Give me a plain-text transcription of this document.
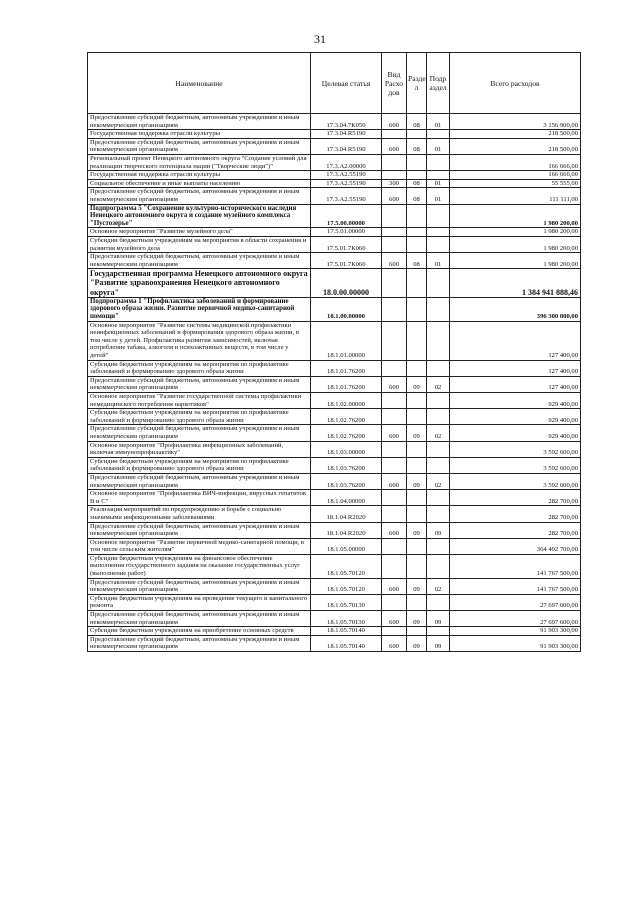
31
Наименование	Целевая статья	Вид Расхо дов	Разде л	Подр аздел	Всего расходов
Предоставление субсидий бюджетным, автономным учреждениям и иным некоммерческим организациям	17.3.04.7К050	600	08	01	3 156 900,00
Государственная поддержка отрасли культуры	17.3.04.R5190				218 500,00
Предоставление субсидий бюджетным, автономным учреждениям и иным некоммерческим организациям	17.3.04.R5190	600	08	01	218 500,00
Региональный проект Ненецкого автономного округа "Создание условий для реализации творческого потенциала нации ("Творческие люди")"	17.3.А2.00000				166 666,00
Государственная поддержка отрасли культуры	17.3.А2.55190				166 666,00
Социальное обеспечение и иные выплаты населению	17.3.А2.55190	300	08	01	55 555,00
Предоставление субсидий бюджетным, автономным учреждениям и иным некоммерческим организациям	17.3.А2.55190	600	08	01	111 111,00
Подпрограмма 5 "Сохранение культурно-исторического наследия Ненецкого автономного округа и создание музейного комплекса "Пустозерье"	17.5.00.00000				1 980 200,00
Основное мероприятие "Развитие музейного дела"	17.5.01.00000				1 980 200,00
Субсидии бюджетным учреждениям на мероприятия в области сохранения и развития музейного дела	17.5.01.7К060				1 980 200,00
Предоставление субсидий бюджетным, автономным учреждениям и иным некоммерческим организациям	17.5.01.7К060	600	08	01	1 980 200,00
Государственная программа Ненецкого автономного округа "Развитие здравоохранения Ненецкого автономного округа"	18.0.00.00000				1 384 941 888,46
Подпрограмма 1 "Профилактика заболеваний и формирование здорового образа жизни. Развитие первичной медико-санитарной помощи"	18.1.00.00000				396 300 800,00
Основное мероприятие "Развитие системы медицинской профилактики неинфекционных заболеваний и формирования здорового образа жизни, в том числе у детей. Профилактика развития зависимостей, включая потребление табака, алкоголя и психоактивных веществ, в том числе у детей"	18.1.01.00000				127 400,00
Субсидии бюджетным учреждениям на мероприятия по профилактике заболеваний и формированию здорового образа жизни	18.1.01.76200				127 400,00
Предоставление субсидий бюджетным, автономным учреждениям и иным некоммерческим организациям	18.1.01.76200	600	09	02	127 400,00
Основное мероприятие "Развитие государственной системы профилактики немедицинского потребления наркотиков"	18.1.02.00000				929 400,00
Субсидии бюджетным учреждениям на мероприятия по профилактике заболеваний и формированию здорового образа жизни	18.1.02.76200				929 400,00
Предоставление субсидий бюджетным, автономным учреждениям и иным некоммерческим организациям	18.1.02.76200	600	09	02	929 400,00
Основное мероприятие "Профилактика инфекционных заболеваний, включая иммунопрофилактику"	18.1.03.00000				3 592 600,00
Субсидии бюджетным учреждениям на мероприятия по профилактике заболеваний и формированию здорового образа жизни	18.1.03.76200				3 592 600,00
Предоставление субсидий бюджетным, автономным учреждениям и иным некоммерческим организациям	18.1.03.76200	600	09	02	3 592 600,00
Основное мероприятие "Профилактика ВИЧ-инфекции, вирусных гепатитов В и С"	18.1.04.00000				282 700,00
Реализация мероприятий по предупреждению и борьбе с социально значимыми инфекционными заболеваниями	18.1.04.R2020				282 700,00
Предоставление субсидий бюджетным, автономным учреждениям и иным некоммерческим организациям	18.1.04.R2020	600	09	09	282 700,00
Основное мероприятие "Развитие первичной медико-санитарной помощи, в том числе сельским жителям"	18.1.05.00000				364 492 700,00
Субсидии бюджетным учреждениям на финансовое обеспечение выполнения государственного задания на оказание государственных услуг (выполнение работ)	18.1.05.70120				141 767 500,00
Предоставление субсидий бюджетным, автономным учреждениям и иным некоммерческим организациям	18.1.05.70120	600	09	02	141 767 500,00
Субсидии бюджетным учреждениям на проведение текущего и капитального ремонта	18.1.05.70130				27 697 600,00
Предоставление субсидий бюджетным, автономным учреждениям и иным некоммерческим организациям	18.1.05.70130	600	09	09	27 697 600,00
Субсидии бюджетным учреждениям на приобретение основных средств	18.1.05.70140				91 903 300,00
Предоставление субсидий бюджетным, автономным учреждениям и иным некоммерческим организациям	18.1.05.70140	600	09	09	91 903 300,00
